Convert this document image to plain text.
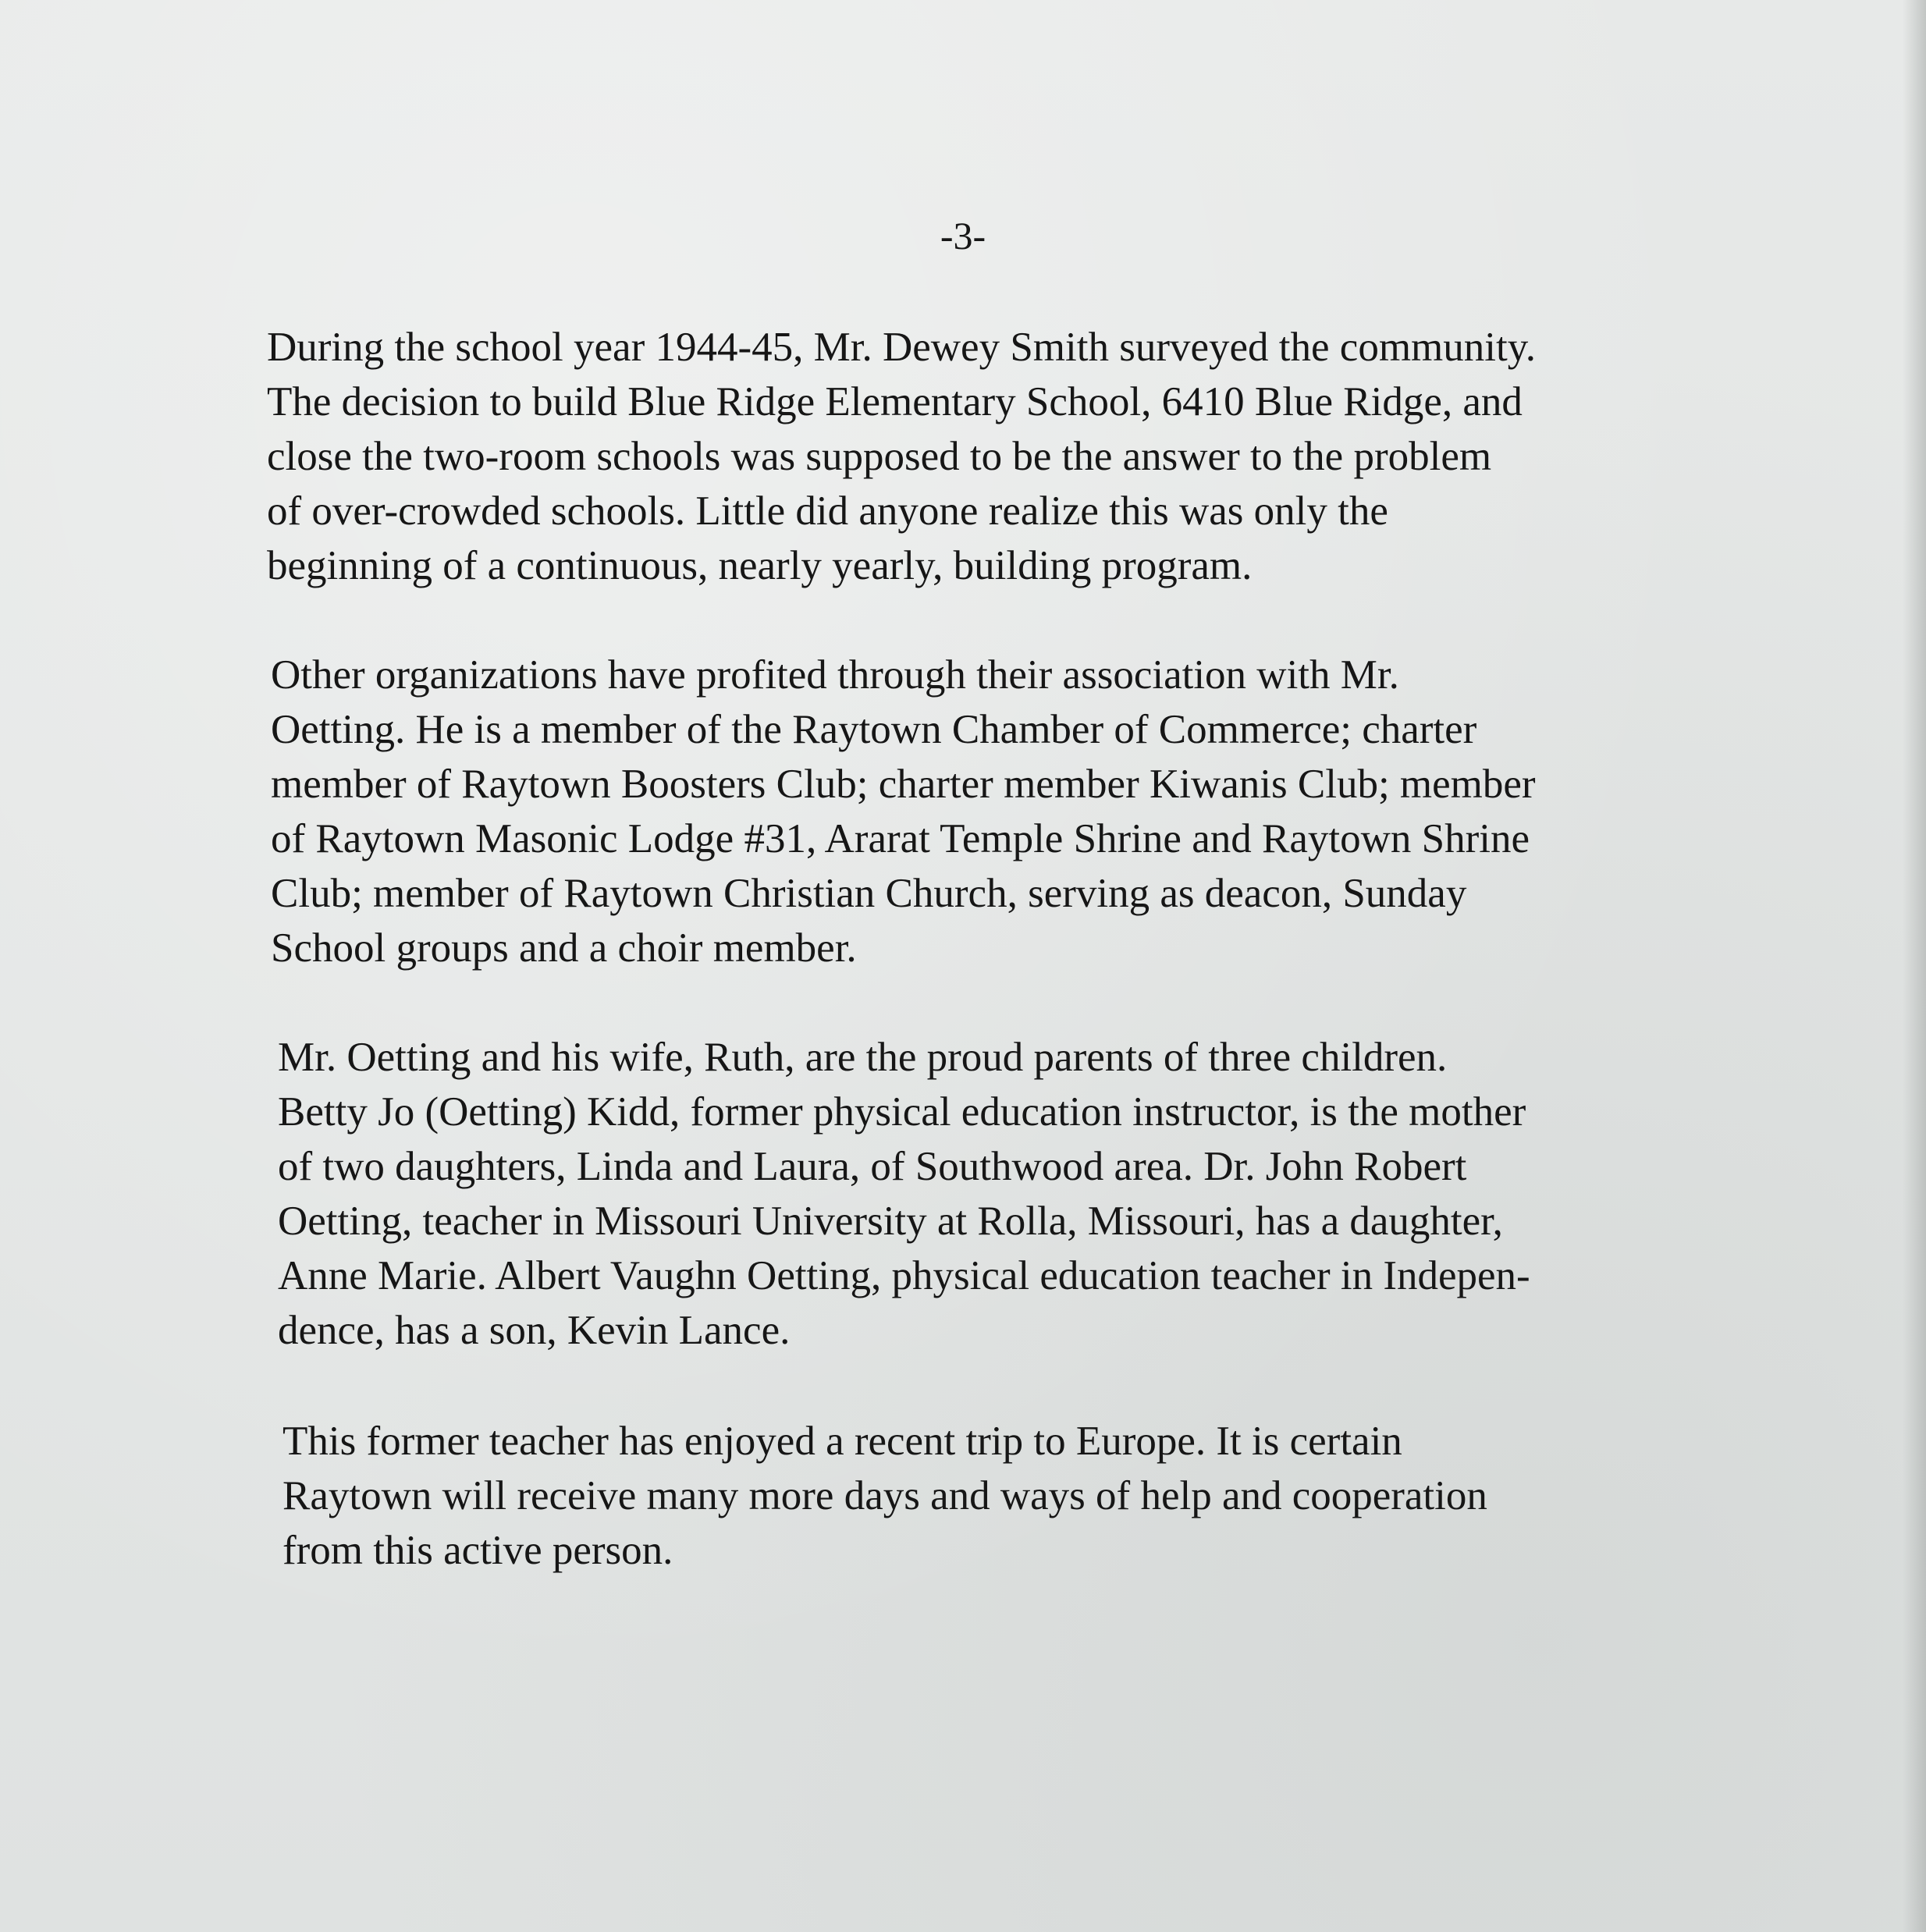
-3-

During the school year 1944-45, Mr. Dewey Smith surveyed the community.
The decision to build Blue Ridge Elementary School, 6410 Blue Ridge, and
close the two-room schools was supposed to be the answer to the problem
of over-crowded schools. Little did anyone realize this was only the
beginning of a continuous, nearly yearly, building program.

Other organizations have profited through their association with Mr.
Oetting. He is a member of the Raytown Chamber of Commerce; charter
member of Raytown Boosters Club; charter member Kiwanis Club; member
of Raytown Masonic Lodge #31, Ararat Temple Shrine and Raytown Shrine
Club; member of Raytown Christian Church, serving as deacon, Sunday
School groups and a choir member.

Mr. Oetting and his wife, Ruth, are the proud parents of three children.
Betty Jo (Oetting) Kidd, former physical education instructor, is the mother
of two daughters, Linda and Laura, of Southwood area. Dr. John Robert
Oetting, teacher in Missouri University at Rolla, Missouri, has a daughter,
Anne Marie. Albert Vaughn Oetting, physical education teacher in Indepen-
dence, has a son, Kevin Lance.

This former teacher has enjoyed a recent trip to Europe. It is certain
Raytown will receive many more days and ways of help and cooperation
from this active person.
